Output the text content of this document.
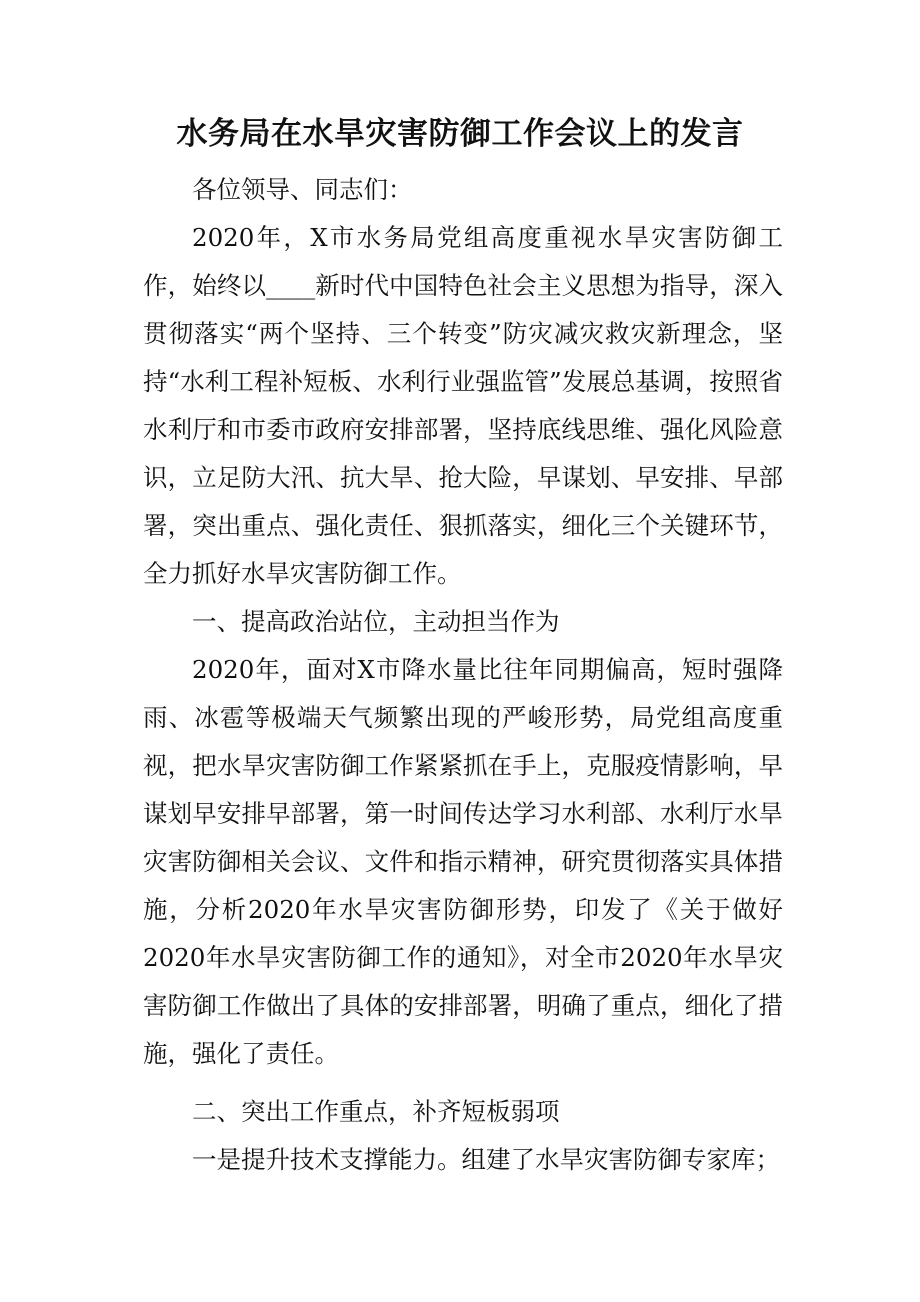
水务局在水旱灾害防御工作会议上的发言

各位领导、同志们：

2020年，X市水务局党组高度重视水旱灾害防御工作，始终以____新时代中国特色社会主义思想为指导，深入贯彻落实“两个坚持、三个转变”防灾减灾救灾新理念，坚持“水利工程补短板、水利行业强监管”发展总基调，按照省水利厅和市委市政府安排部署，坚持底线思维、强化风险意识，立足防大汛、抗大旱、抢大险，早谋划、早安排、早部署，突出重点、强化责任、狠抓落实，细化三个关键环节，全力抓好水旱灾害防御工作。

一、提高政治站位，主动担当作为

2020年，面对X市降水量比往年同期偏高，短时强降雨、冰雹等极端天气频繁出现的严峻形势，局党组高度重视，把水旱灾害防御工作紧紧抓在手上，克服疫情影响，早谋划早安排早部署，第一时间传达学习水利部、水利厅水旱灾害防御相关会议、文件和指示精神，研究贯彻落实具体措施，分析2020年水旱灾害防御形势，印发了《关于做好2020年水旱灾害防御工作的通知》，对全市2020年水旱灾害防御工作做出了具体的安排部署，明确了重点，细化了措施，强化了责任。

二、突出工作重点，补齐短板弱项

一是提升技术支撑能力。组建了水旱灾害防御专家库；
